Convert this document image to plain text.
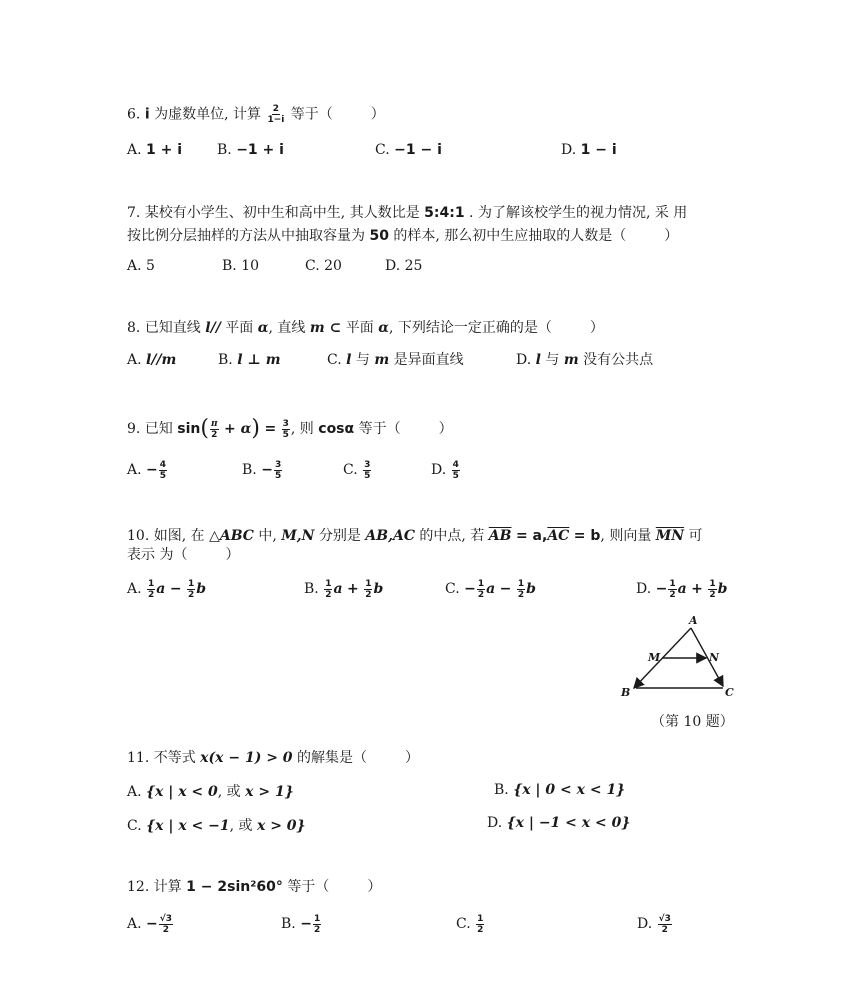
6. i 为虚数单位, 计算 $\frac{2}{1-i}$ 等于（	）
A. 1 + i B. −1 + i	C. −1 − i	D. 1 − i
7. 某校有小学生、初中生和高中生, 其人数比是 5:4:1 . 为了解该校学生的视力情况, 采 用
按比例分层抽样的方法从中抽取容量为 50 的样本, 那么初中生应抽取的人数是（	）
A. 5	B. 10	C. 20	D. 25
8. 已知直线 l// 平面 α, 直线 m ⊂ 平面 α, 下列结论一定正确的是（	）
A. l//m	B. l ⊥ m	C. l 与 m 是异面直线	D. l 与 m 没有公共点
9. 已知 $\sin( \frac{\pi}{2} + \alpha) = \frac{3}{5}$ , 则 cosα 等于（	）
A. − $\frac{4}{5}$	B. − $\frac{3}{5}$	C. $\frac{3}{5}$	D. $\frac{4}{5}$
10. 如图, 在 △ABC 中, M,N 分别是 AB,AC 的中点, 若 $\overline{AB} = a,\overline{AC} = b$, 则向量 $\overline{MN}$ 可
表示 为（	）
A. $\frac{1}{2}$ $a - \frac{1}{2}$ b	B. $\frac{1}{2}$ $a + \frac{1}{2}$ b	C. − $\frac{1}{2}$ $a - \frac{1}{2}$ b	D. − $\frac{1}{2}$ $a + \frac{1}{2}$ b
A
B	C
M	N
（第 10 题）
11. 不等式 x(x − 1) > 0 的解集是（	）
A. {x | x < 0, 或 x > 1}	B. {x | 0 < x < 1}
C. {x | x < −1, 或 x > 0}	D. {x | −1 < x < 0}
12. 计算 1 − 2sin²60° 等于（	）
A. − $\frac{√3}{2}$	B. − $\frac{1}{2}$	C. $\frac{1}{2}$	D. $\frac{√3}{2}$
